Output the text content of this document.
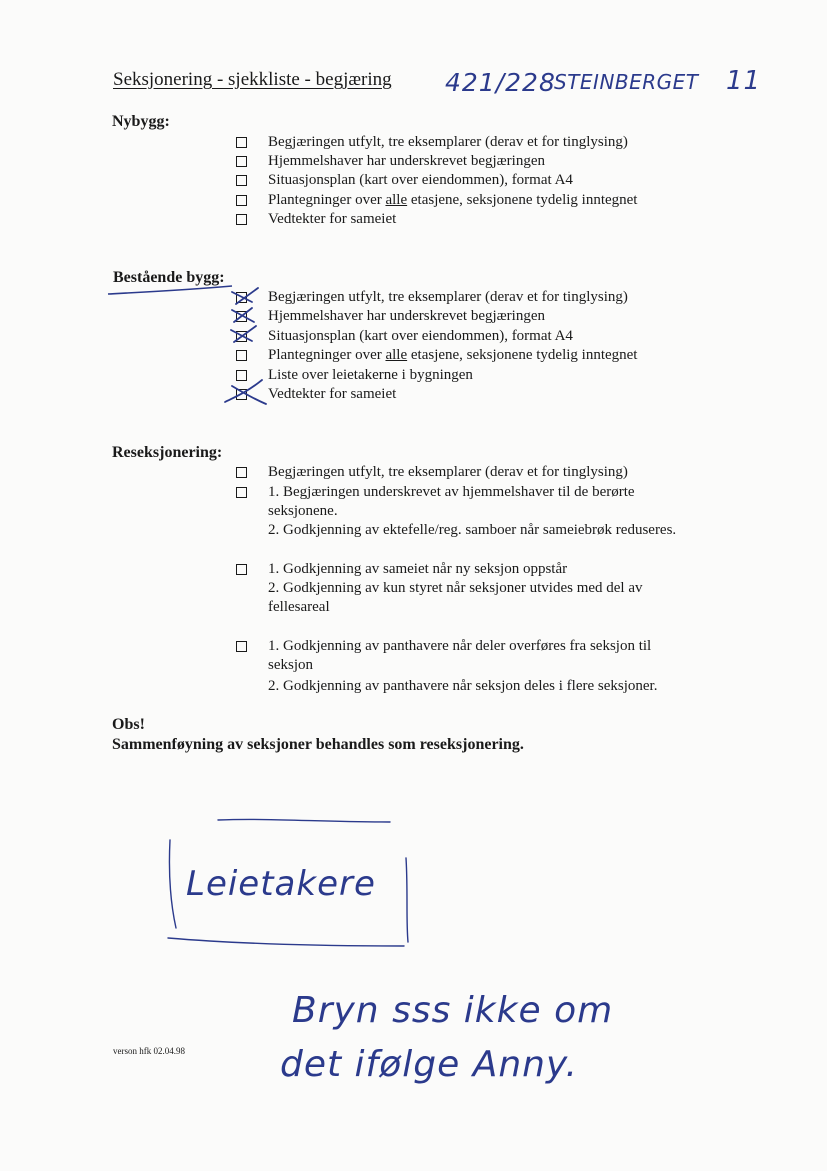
Seksjonering - sjekkliste - begjæring 421/228
STEINBERGET 11
Nybygg:
Begjæringen utfylt, tre eksemplarer (derav et for tinglysing)
Hjemmelshaver har underskrevet begjæringen
Situasjonsplan (kart over eiendommen), format A4
Plantegninger over alle etasjene, seksjonene tydelig inntegnet
Vedtekter for sameiet
Bestående bygg:
Begjæringen utfylt, tre eksemplarer (derav et for tinglysing)
Hjemmelshaver har underskrevet begjæringen
Situasjonsplan (kart over eiendommen), format A4
Plantegninger over alle etasjene, seksjonene tydelig inntegnet
Liste over leietakerne i bygningen
Vedtekter for sameiet
Reseksjonering:
Begjæringen utfylt, tre eksemplarer (derav et for tinglysing)
1. Begjæringen underskrevet av hjemmelshaver til de berørte
seksjonene.
2. Godkjenning av ektefelle/reg. samboer når sameiebrøk reduseres.
1. Godkjenning av sameiet når ny seksjon oppstår
2. Godkjenning av kun styret når seksjoner utvides med del av
fellesareal
1. Godkjenning av panthavere når deler overføres fra seksjon til
seksjon
2. Godkjenning av panthavere når seksjon deles i flere seksjoner.
Obs!
Sammenføyning av seksjoner behandles som reseksjonering.
Leietakere
Bryn sss ikke om
det ifølge Anny.
verson hfk 02.04.98
